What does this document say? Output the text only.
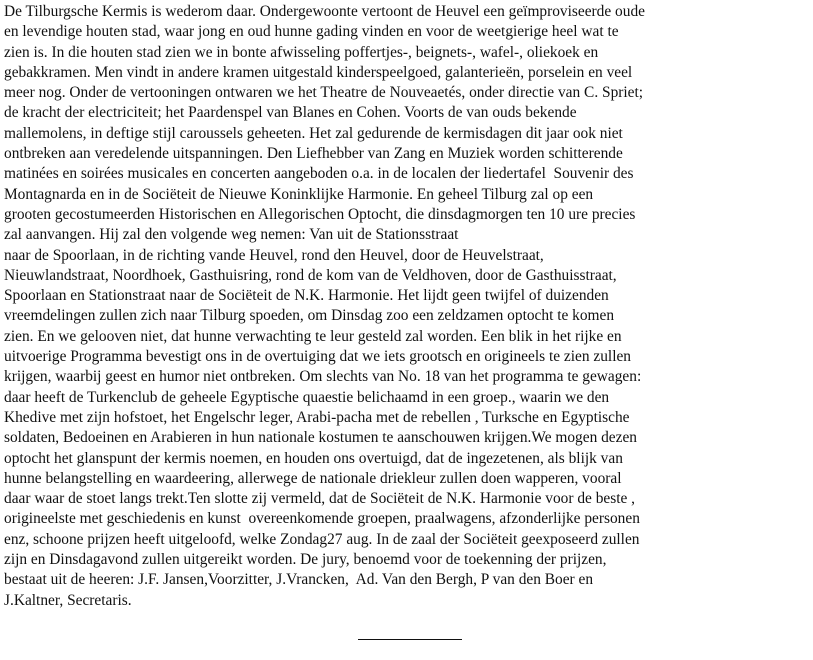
De Tilburgsche Kermis is wederom daar. Ondergewoonte vertoont de Heuvel een geïmproviseerde oude
en levendige houten stad, waar jong en oud hunne gading vinden en voor de weetgierige heel wat te
zien is. In die houten stad zien we in bonte afwisseling poffertjes-, beignets-, wafel-, oliekoek en
gebakkramen. Men vindt in andere kramen uitgestald kinderspeelgoed, galanterieën, porselein en veel
meer nog. Onder de vertooningen ontwaren we het Theatre de Nouveaetés, onder directie van C. Spriet;
de kracht der electriciteit; het Paardenspel van Blanes en Cohen. Voorts de van ouds bekende
mallemolens, in deftige stijl caroussels geheeten. Het zal gedurende de kermisdagen dit jaar ook niet
ontbreken aan veredelende uitspanningen. Den Liefhebber van Zang en Muziek worden schitterende
matinées en soirées musicales en concerten aangeboden o.a. in de localen der liedertafel  Souvenir des
Montagnarda en in de Sociëteit de Nieuwe Koninklijke Harmonie. En geheel Tilburg zal op een
grooten gecostumeerden Historischen en Allegorischen Optocht, die dinsdagmorgen ten 10 ure precies
zal aanvangen. Hij zal den volgende weg nemen: Van uit de Stationsstraat
naar de Spoorlaan, in de richting vande Heuvel, rond den Heuvel, door de Heuvelstraat,
Nieuwlandstraat, Noordhoek, Gasthuisring, rond de kom van de Veldhoven, door de Gasthuisstraat,
Spoorlaan en Stationstraat naar de Sociëteit de N.K. Harmonie. Het lijdt geen twijfel of duizenden
vreemdelingen zullen zich naar Tilburg spoeden, om Dinsdag zoo een zeldzamen optocht te komen
zien. En we gelooven niet, dat hunne verwachting te leur gesteld zal worden. Een blik in het rijke en
uitvoerige Programma bevestigt ons in de overtuiging dat we iets grootsch en origineels te zien zullen
krijgen, waarbij geest en humor niet ontbreken. Om slechts van No. 18 van het programma te gewagen:
daar heeft de Turkenclub de geheele Egyptische quaestie belichaamd in een groep., waarin we den
Khedive met zijn hofstoet, het Engelschr leger, Arabi-pacha met de rebellen , Turksche en Egyptische
soldaten, Bedoeinen en Arabieren in hun nationale kostumen te aanschouwen krijgen.We mogen dezen
optocht het glanspunt der kermis noemen, en houden ons overtuigd, dat de ingezetenen, als blijk van
hunne belangstelling en waardeering, allerwege de nationale driekleur zullen doen wapperen, vooral
daar waar de stoet langs trekt.Ten slotte zij vermeld, dat de Sociëteit de N.K. Harmonie voor de beste ,
origineelste met geschiedenis en kunst  overeenkomende groepen, praalwagens, afzonderlijke personen
enz, schoone prijzen heeft uitgeloofd, welke Zondag27 aug. In de zaal der Sociëteit geexposeerd zullen
zijn en Dinsdagavond zullen uitgereikt worden. De jury, benoemd voor de toekenning der prijzen,
bestaat uit de heeren: J.F. Jansen,Voorzitter, J.Vrancken,  Ad. Van den Bergh, P van den Boer en
J.Kaltner, Secretaris.
